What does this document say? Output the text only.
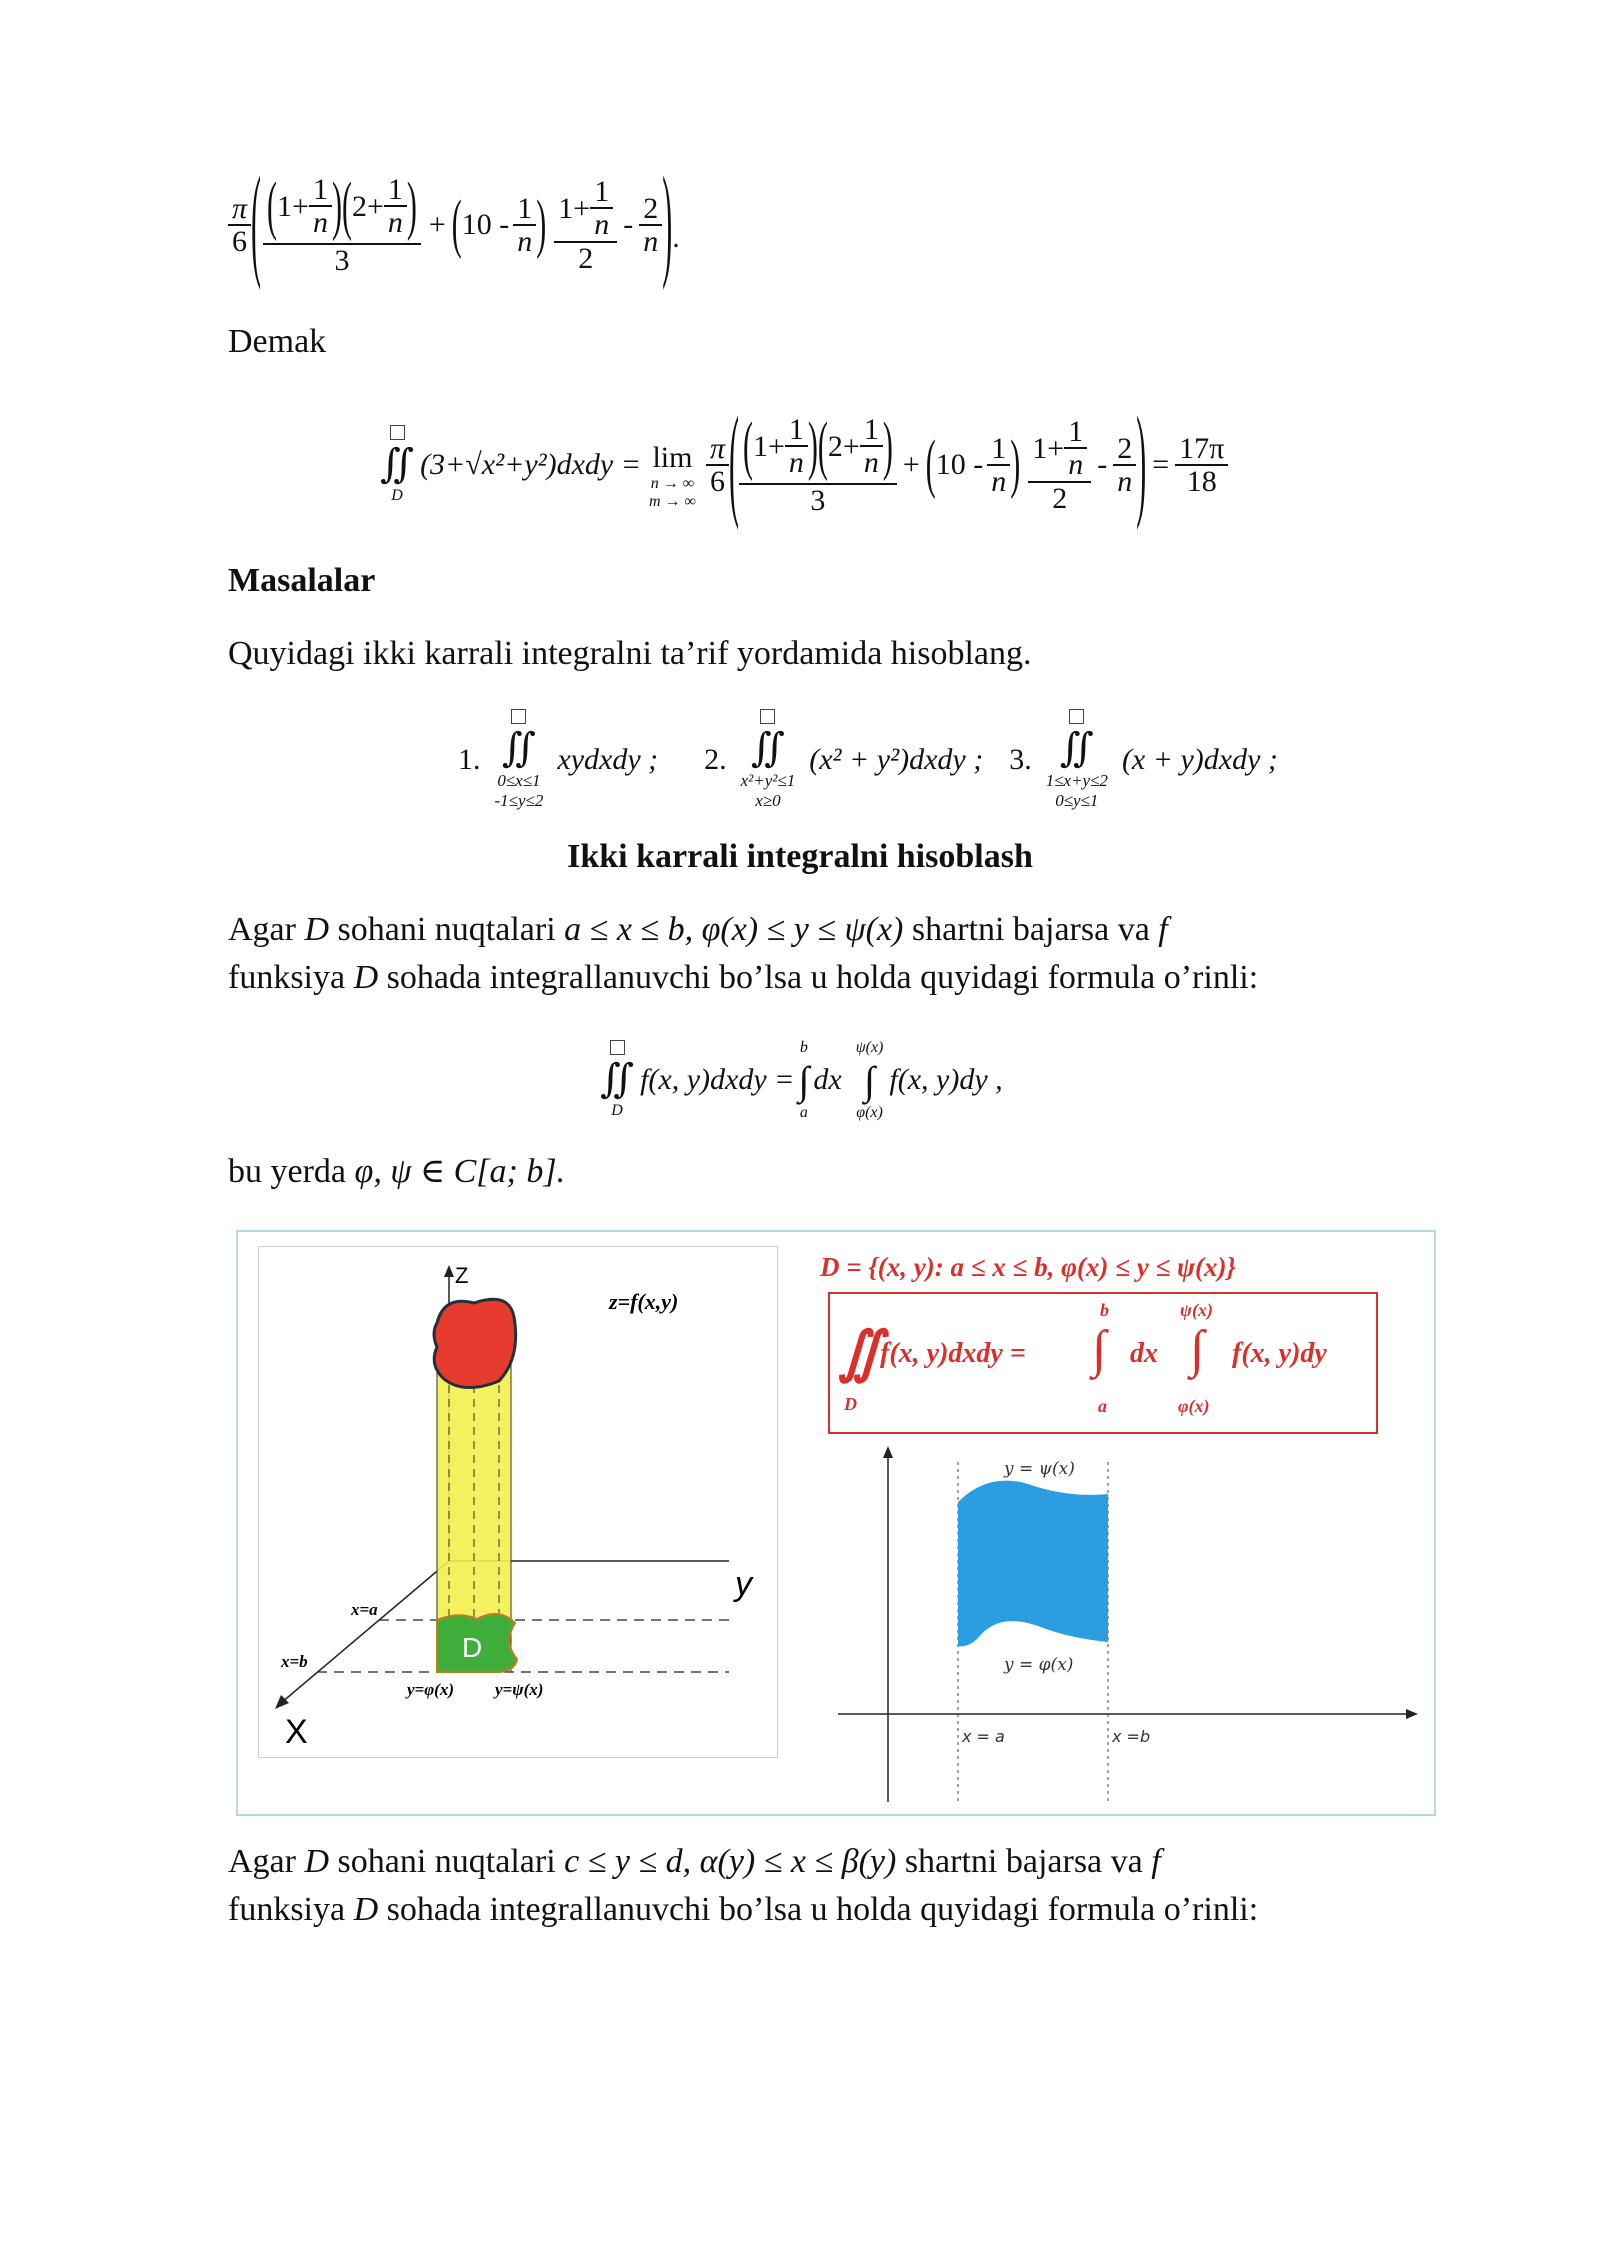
$\frac{\pi}{6}$ ( ( $1+ \frac{1}{n}$ ) ( $2+ \frac{1}{n}$ )
3
+ ( $10 - \frac{1}{n}$ ) $\frac{1+ \frac{1}{n}}{2} - \frac{2}{n}$ ) .
Demak
∬
D
(3+√x²+y²)dxdy = lim
n → ∞
m → ∞
$\frac{\pi}{6}$ ( ( $1+ \frac{1}{n}$ ) ( $2+ \frac{1}{n}$ )
3
+ ( $10 - \frac{1}{n}$ ) $\frac{1+ \frac{1}{n}}{2} - \frac{2}{n}$ ) = $\frac{17\pi}{18}$
Masalalar
Quyidagi ikki karrali integralni ta’rif yordamida hisoblang.
1. ∬
0≤x≤1
-1≤y≤2
xydxdy ; 2. ∬
x²+y²≤1
x≥0
(x² + y²)dxdy ; 3. ∬
1≤x+y≤2
0≤y≤1
(x + y)dxdy ;
Ikki karrali integralni hisoblash
Agar D sohani nuqtalari a ≤ x ≤ b, φ(x) ≤ y ≤ ψ(x) shartni bajarsa va f
funksiya D sohada integrallanuvchi bo’lsa u holda quyidagi formula o’rinli:
∬
D
f(x, y)dxdy =
b
∫
a
dx
ψ(x)
∫
φ(x)
f(x, y)dy ,
bu yerda φ, ψ ∈ C[a; b].
D
Z
z=f(x,y)
y
X
x=a
x=b
y=φ(x) y=ψ(x)
D = {(x, y): a ≤ x ≤ b, φ(x) ≤ y ≤ ψ(x)}
∬
D
f(x, y)dxdy =
b
∫
a
dx
ψ(x)
∫
φ(x)
f(x, y)dy
y = ψ(x)
y = φ(x)
x = a	x =b
Agar D sohani nuqtalari c ≤ y ≤ d, α(y) ≤ x ≤ β(y) shartni bajarsa va f
funksiya D sohada integrallanuvchi bo’lsa u holda quyidagi formula o’rinli:
